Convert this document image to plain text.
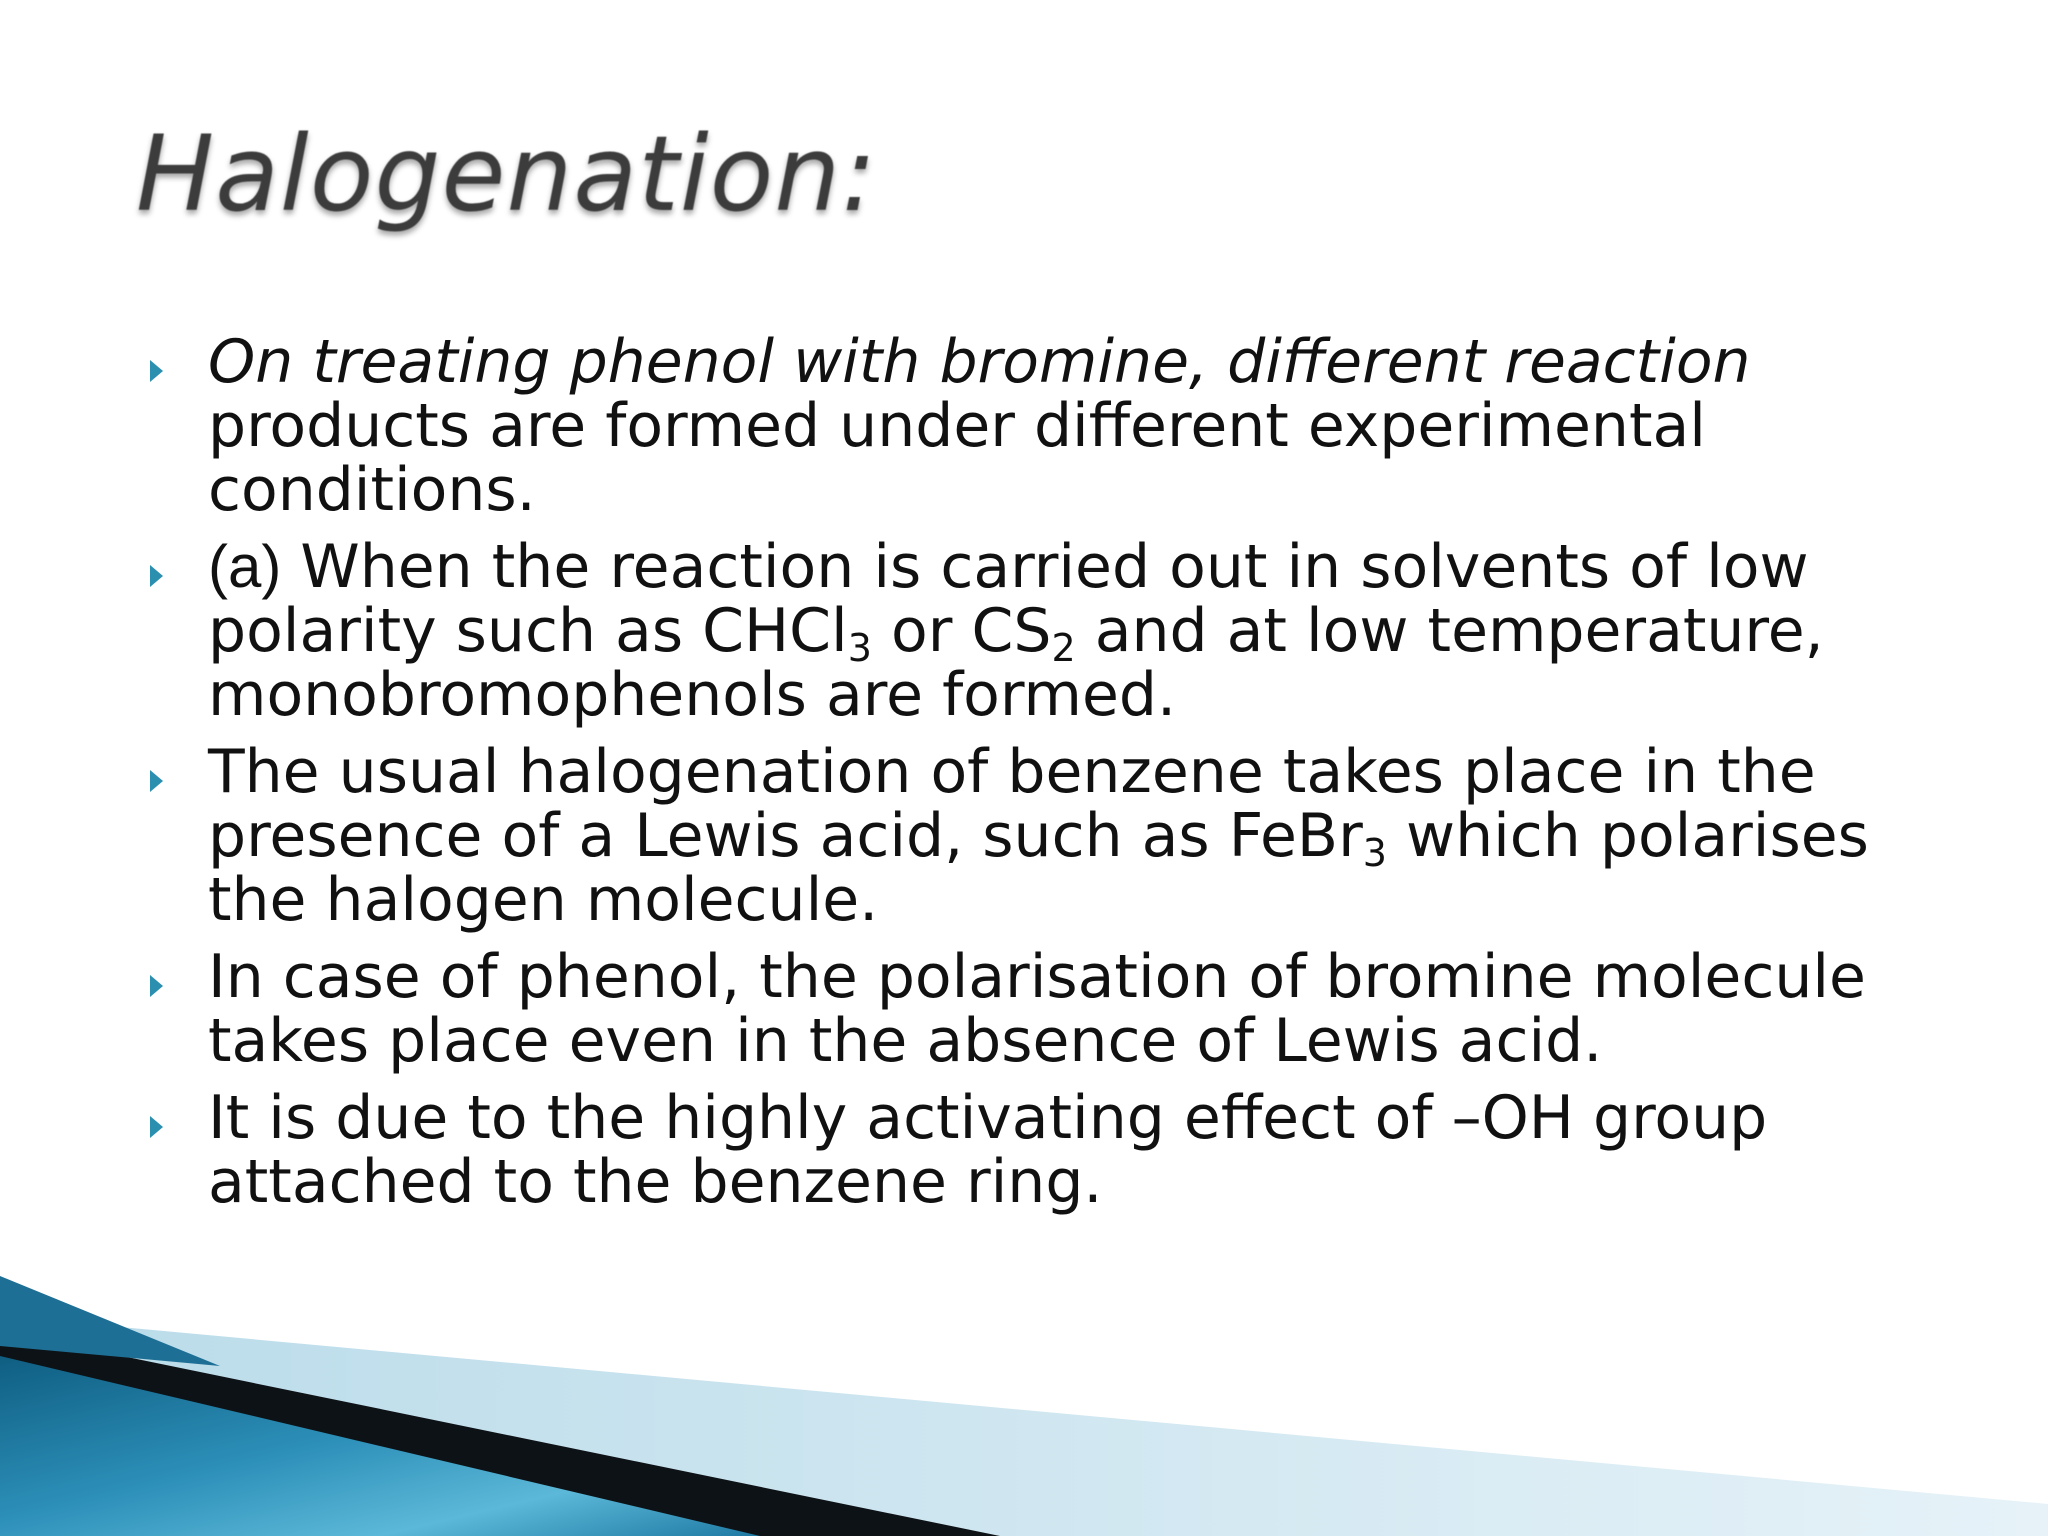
Halogenation:
On treating phenol with bromine, different reaction products are formed under different experimental conditions.
(a) When the reaction is carried out in solvents of low polarity such as CHCl$_3$ or $CS_2$ and at low temperature, monobromophenols are formed.
The usual halogenation of benzene takes place in the presence of a Lewis acid, such as FeBr$_3$ which polarises the halogen molecule.
In case of phenol, the polarisation of bromine molecule takes place even in the absence of Lewis acid.
It is due to the highly activating effect of –OH group attached to the benzene ring.
